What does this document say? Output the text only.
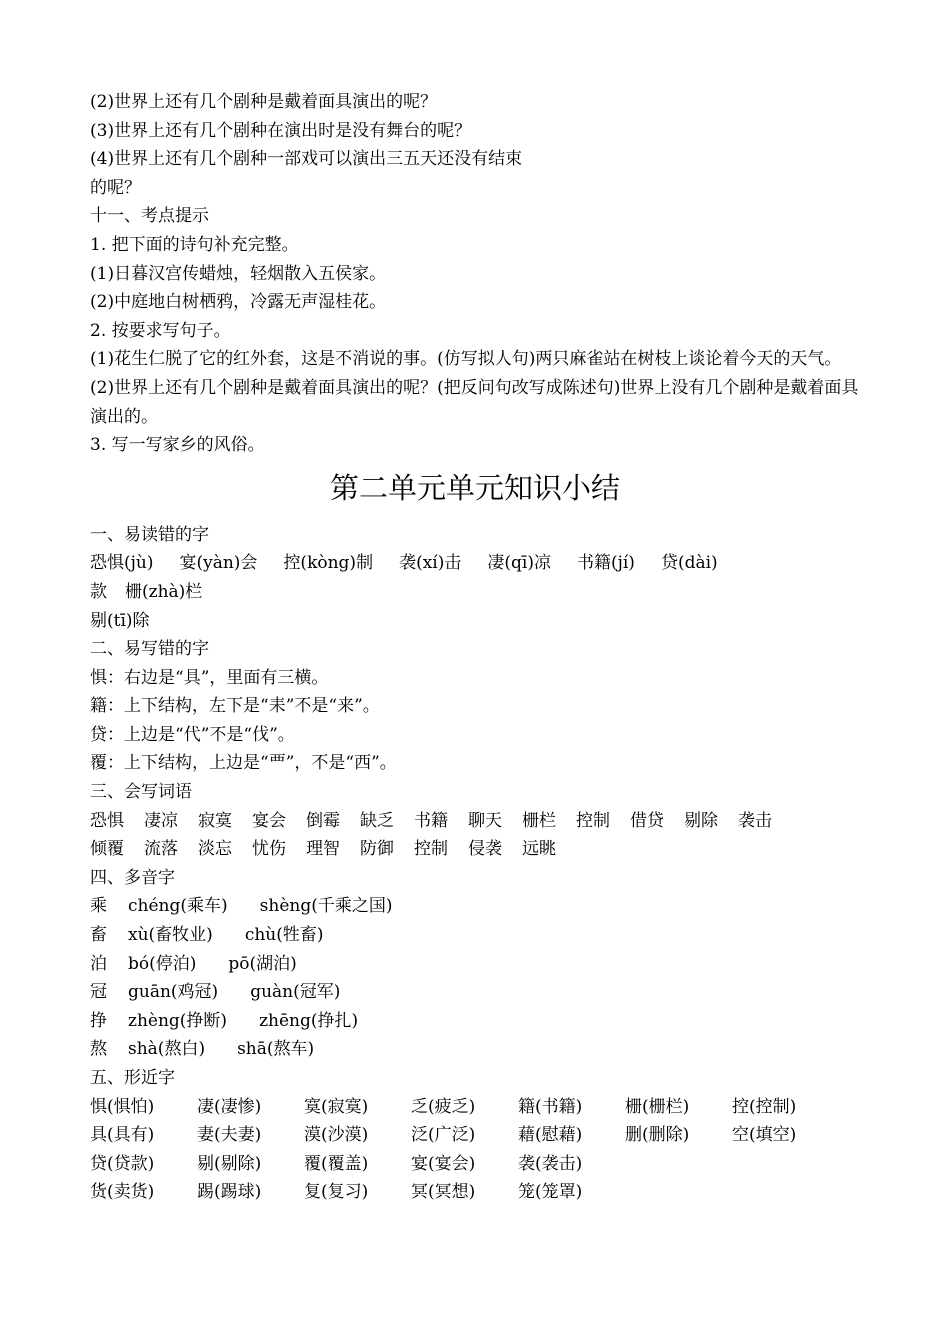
(2)世界上还有几个剧种是戴着面具演出的呢？
(3)世界上还有几个剧种在演出时是没有舞台的呢？
(4)世界上还有几个剧种一部戏可以演出三五天还没有结束
的呢？
十一、考点提示
1. 把下面的诗句补充完整。
(1)日暮汉宫传蜡烛，轻烟散入五侯家。
(2)中庭地白树栖鸦，冷露无声湿桂花。
2. 按要求写句子。
(1)花生仁脱了它的红外套，这是不消说的事。(仿写拟人句)两只麻雀站在树枝上谈论着今天的天气。
(2)世界上还有几个剧种是戴着面具演出的呢？(把反问句改写成陈述句)世界上没有几个剧种是戴着面具演出的。
3. 写一写家乡的风俗。
第二单元单元知识小结
一、易读错的字
恐惧(jù) 宴(yàn)会 控(kòng)制 袭(xí)击 凄(qī)凉 书籍(jí) 贷(dài)
款 栅(zhà)栏
剔(tī)除
二、易写错的字
惧：右边是“具”，里面有三横。
籍：上下结构，左下是“耒”不是“来”。
贷：上边是“代”不是“伐”。
覆：上下结构，上边是“覀”，不是“西”。
三、会写词语
恐惧 凄凉 寂寞 宴会 倒霉 缺乏 书籍 聊天 栅栏 控制 借贷 剔除 袭击
倾覆 流落 淡忘 忧伤 理智 防御 控制 侵袭 远眺
四、多音字
乘	chéng(乘车) shèng(千乘之国)
畜	xù(畜牧业) chù(牲畜)
泊	bó(停泊) pō(湖泊)
冠	guān(鸡冠) guàn(冠军)
挣	zhèng(挣断) zhēng(挣扎)
熬	shà(熬白) shā(熬车)
五、形近字
惧(惧怕)	凄(凄惨)	寞(寂寞)	乏(疲乏)	籍(书籍)	栅(栅栏)	控(控制)
具(具有)	妻(夫妻)	漠(沙漠)	泛(广泛)	藉(慰藉)	删(删除)	空(填空)
贷(贷款)	剔(剔除)	覆(覆盖)	宴(宴会)	袭(袭击)
货(卖货)	踢(踢球)	复(复习)	冥(冥想)	笼(笼罩)
